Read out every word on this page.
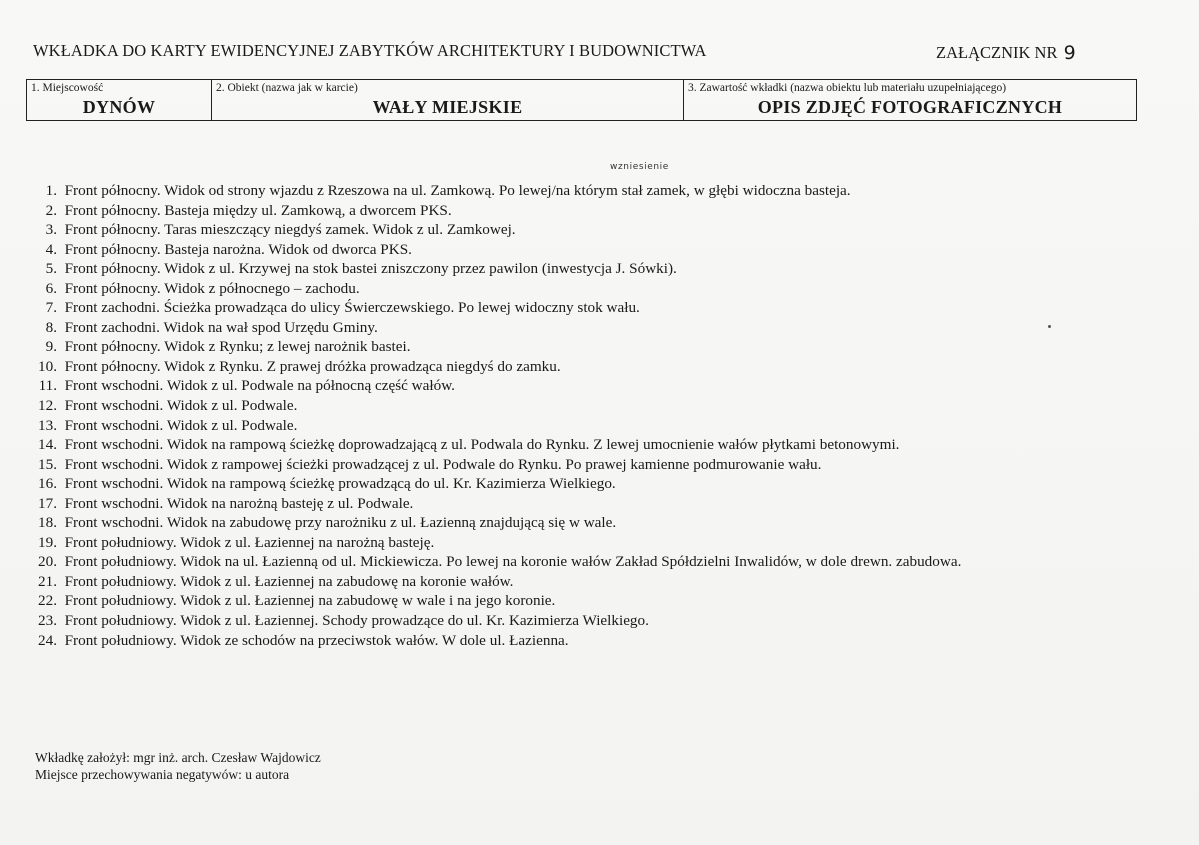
WKŁADKA DO KARTY EWIDENCYJNEJ ZABYTKÓW ARCHITEKTURY I BUDOWNICTWA	ZAŁĄCZNIK NR 9
1. Miejscowość
DYNÓW
2. Obiekt (nazwa jak w karcie)
WAŁY MIEJSKIE
3. Zawartość wkładki (nazwa obiektu lub materiału uzupełniającego)
OPIS ZDJĘĆ FOTOGRAFICZNYCH
wzniesienie
1.
Front północny. Widok od strony wjazdu z Rzeszowa na ul. Zamkową. Po lewej/na którym stał zamek, w głębi widoczna basteja.
2.
Front północny. Basteja między ul. Zamkową, a dworcem PKS.
3.
Front północny. Taras mieszczący niegdyś zamek. Widok z ul. Zamkowej.
4.
Front północny. Basteja narożna. Widok od dworca PKS.
5.
Front północny. Widok z ul. Krzywej na stok bastei zniszczony przez pawilon (inwestycja J. Sówki).
6.
Front północny. Widok z północnego – zachodu.
7.
Front zachodni. Ścieżka prowadząca do ulicy Świerczewskiego. Po lewej widoczny stok wału.
8.
Front zachodni. Widok na wał spod Urzędu Gminy.
9.
Front północny. Widok z Rynku; z lewej narożnik bastei.
10.
Front północny. Widok z Rynku. Z prawej dróżka prowadząca niegdyś do zamku.
11.
Front wschodni. Widok z ul. Podwale na północną część wałów.
12.
Front wschodni. Widok z ul. Podwale.
13.
Front wschodni. Widok z ul. Podwale.
14.
Front wschodni. Widok na rampową ścieżkę doprowadzającą z ul. Podwala do Rynku. Z lewej umocnienie wałów płytkami betonowymi.
15.
Front wschodni. Widok z rampowej ścieżki prowadzącej z ul. Podwale do Rynku. Po prawej kamienne podmurowanie wału.
16.
Front wschodni. Widok na rampową ścieżkę prowadzącą do ul. Kr. Kazimierza Wielkiego.
17.
Front wschodni. Widok na narożną basteję z ul. Podwale.
18.
Front wschodni. Widok na zabudowę przy narożniku z ul. Łazienną znajdującą się w wale.
19.
Front południowy. Widok z ul. Łaziennej na narożną basteję.
20.
Front południowy. Widok na ul. Łazienną od ul. Mickiewicza. Po lewej na koronie wałów Zakład Spółdzielni Inwalidów, w dole drewn. zabudowa.
21.
Front południowy. Widok z ul. Łaziennej na zabudowę na koronie wałów.
22.
Front południowy. Widok z ul. Łaziennej na zabudowę w wale i na jego koronie.
23.
Front południowy. Widok z ul. Łaziennej. Schody prowadzące do ul. Kr. Kazimierza Wielkiego.
24.
Front południowy. Widok ze schodów na przeciwstok wałów. W dole ul. Łazienna.
Wkładkę założył: mgr inż. arch. Czesław Wajdowicz
Miejsce przechowywania negatywów: u autora
